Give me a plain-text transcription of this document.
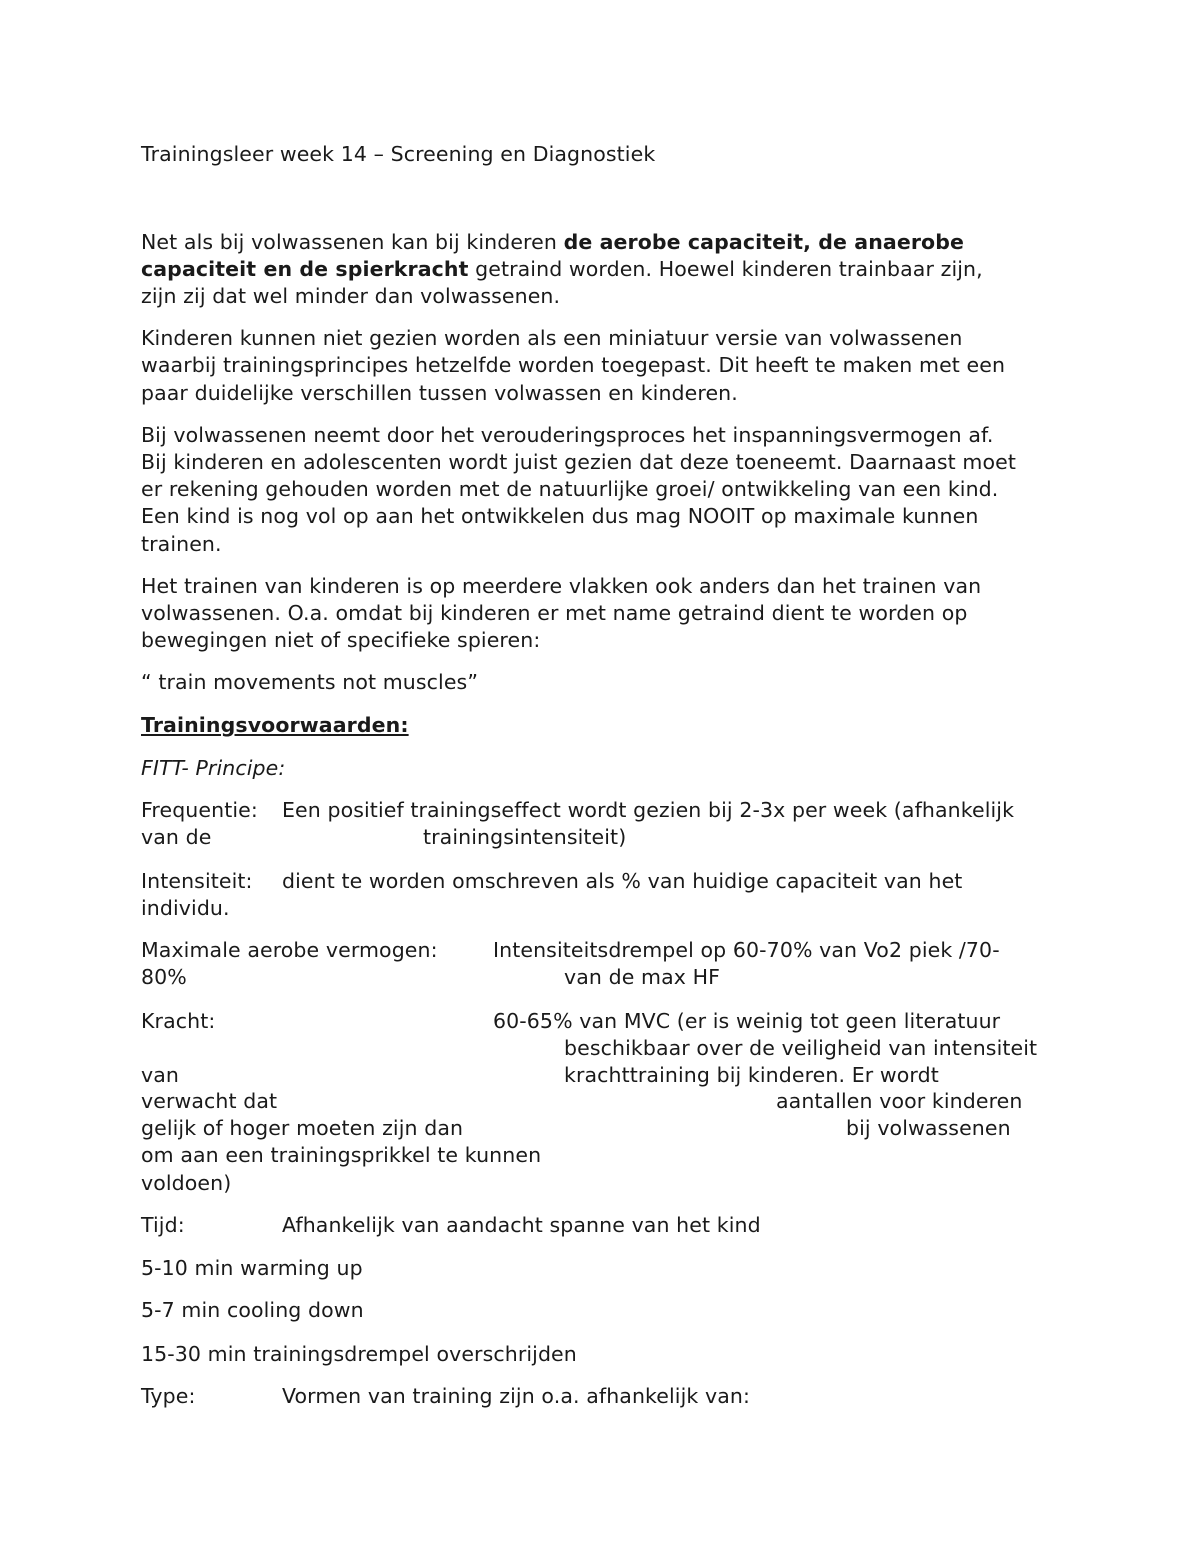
Trainingsleer week 14 – Screening en Diagnostiek
Net als bij volwassenen kan bij kinderen de aerobe capaciteit, de anaerobe
capaciteit en de spierkracht getraind worden. Hoewel kinderen trainbaar zijn,
zijn zij dat wel minder dan volwassenen.
Kinderen kunnen niet gezien worden als een miniatuur versie van volwassenen
waarbij trainingsprincipes hetzelfde worden toegepast. Dit heeft te maken met een
paar duidelijke verschillen tussen volwassen en kinderen.
Bij volwassenen neemt door het verouderingsproces het inspanningsvermogen af.
Bij kinderen en adolescenten wordt juist gezien dat deze toeneemt. Daarnaast moet
er rekening gehouden worden met de natuurlijke groei/ ontwikkeling van een kind.
Een kind is nog vol op aan het ontwikkelen dus mag NOOIT op maximale kunnen
trainen.
Het trainen van kinderen is op meerdere vlakken ook anders dan het trainen van
volwassenen. O.a. omdat bij kinderen er met name getraind dient te worden op
bewegingen niet of specifieke spieren:
“ train movements not muscles”
Trainingsvoorwaarden:
FITT- Principe:
Frequentie: Een positief trainingseffect wordt gezien bij 2-3x per week (afhankelijk
van de	trainingsintensiteit)
Intensiteit: dient te worden omschreven als % van huidige capaciteit van het
individu.
Maximale aerobe vermogen:	Intensiteitsdrempel op 60-70% van Vo2 piek /70-
80%	van de max HF
Kracht:	60-65% van MVC (er is weinig tot geen literatuur
beschikbaar over de veiligheid van intensiteit
van	krachttraining bij kinderen. Er wordt
verwacht dat	aantallen voor kinderen
gelijk of hoger moeten zijn dan	bij volwassenen
om aan een trainingsprikkel te kunnen
voldoen)
Tijd:	Afhankelijk van aandacht spanne van het kind
5-10 min warming up
5-7 min cooling down
15-30 min trainingsdrempel overschrijden
Type:	Vormen van training zijn o.a. afhankelijk van:
